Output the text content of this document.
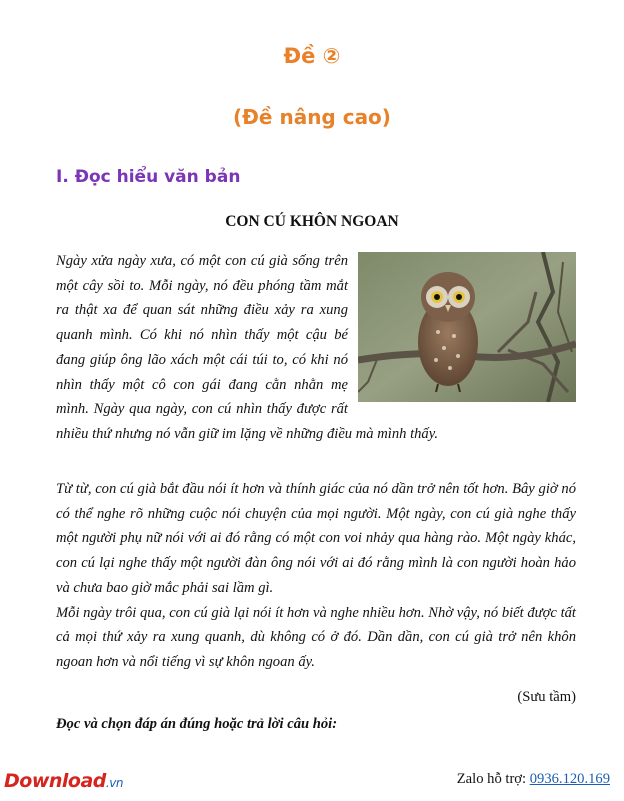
Đề ②
(Đề nâng cao)
I. Đọc hiểu văn bản
CON CÚ KHÔN NGOAN
Ngày xửa ngày xưa, có một con cú già sống trên một cây sồi to. Mỗi ngày, nó đều phóng tầm mắt ra thật xa để quan sát những điều xảy ra xung quanh mình. Có khi nó nhìn thấy một cậu bé đang giúp ông lão xách một cái túi to, có khi nó nhìn thấy một cô con gái đang cằn nhằn mẹ mình. Ngày qua ngày, con cú nhìn thấy được rất nhiều thứ nhưng nó vẫn giữ im lặng về những điều mà mình thấy.
Từ từ, con cú già bắt đầu nói ít hơn và thính giác của nó dần trở nên tốt hơn. Bây giờ nó có thể nghe rõ những cuộc nói chuyện của mọi người. Một ngày, con cú già nghe thấy một người phụ nữ nói với ai đó rằng có một con voi nhảy qua hàng rào. Một ngày khác, con cú lại nghe thấy một người đàn ông nói với ai đó rằng mình là con người hoàn hảo và chưa bao giờ mắc phải sai lầm gì.
Mỗi ngày trôi qua, con cú già lại nói ít hơn và nghe nhiều hơn. Nhờ vậy, nó biết được tất cả mọi thứ xảy ra xung quanh, dù không có ở đó. Dần dần, con cú già trở nên khôn ngoan hơn và nổi tiếng vì sự khôn ngoan ấy.
(Sưu tầm)
Đọc và chọn đáp án đúng hoặc trả lời câu hỏi:
Download.vn	Zalo hỗ trợ: 0936.120.169
